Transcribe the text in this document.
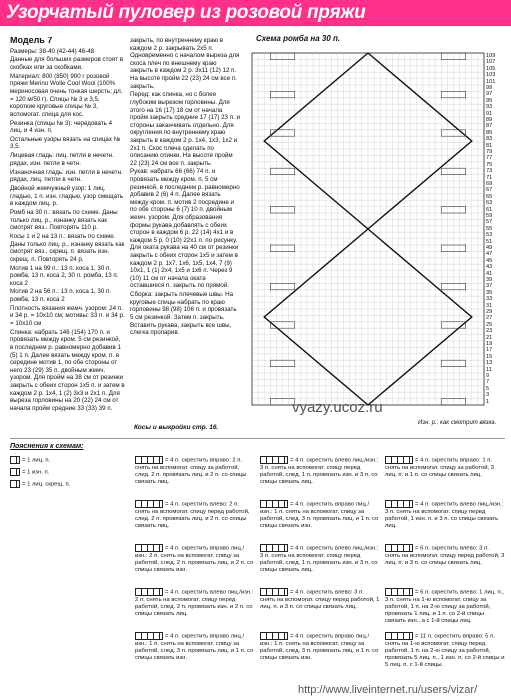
Узорчатый пуловер из розовой пряжи

Модель 7

Размеры: 38-40 (42-44) 46-48

Данные для больших размеров стоят в скобках или за скобками.

Материал: 800 (850) 900 г розовой пряжи Merino Wolle Cool Wool (100% мериносовая очень тонкая шерсть; дл. = 120 м/50 г). Спицы № 3 и 3,5, короткие круговые спицы № 3, вспомогат. спица для кос.

Резинка (спицы № 3): чередовать 4 лиц. и 4 изн. п.

Остальные узоры вязать на спицах № 3,5.

Лицевая гладь: лиц. петли в нечетн. рядах, изн. петли в четн.

Изнаночная гладь: изн. петли в нечетн. рядах, лиц. петли в четн.

Двойной жемчужный узор: 1 лиц. гладью, 1 п. изн. гладью, узор смещать в каждом лиц. р.

Ромб на 30 п.: вязать по схеме. Даны только лиц. р., изнанку вязать как смотрят вяз.. Повторять 110 р.

Косы 1 и 2 на 13 п.: вязать по схеме. Даны только лиц. р., изнанку вязать как смотрят вяз., скрещ. п. вязать изн. скрещ. п. Повторять 24 р.

Мотив 1 на 99 п.: 13 п. коса 1, 30 п. ромба, 13 п. коса 2, 30 п. ромба, 13 п. коса 2

Мотив 2 на 56 п.: 13 п. коса 1, 30 п. ромба, 13 п. коса 2

Плотность вязания жемч. узором: 24 п. и 34 р. = 10х10 см; мотивы: 33 п. и 34 р. = 10х10 см

Спинка: набрать 146 (154) 170 п. и провязать между кром. 5 см резинкой, в последнем р. равномерно добавив 1 (5) 1 п. Далее вязать между кром. п. в середине мотив 1, по обе стороны от него 23 (29) 35 п. двойным жемч. узором. Для пройм на 38 см от резинки закрыть с обеих сторон 1х5 п. и затем в каждом 2 р. 1х4, 1 (2) 3х3 и 2х1 п. Для выреза горловины на 20 (22) 24 см от начала пройм средние 33 (33) 39 п.

закрыть, по внутреннему краю в каждом 2 р. закрывать 2х5 п. Одновременно с началом выреза для скоса плеч по внешнему краю закрыть в каждом 2 р. 3х11 (12) 12 п. На высоте пройм 22 (23) 24 см все п. закрыть.

Перед: как спинка, но с более глубоким вырезом горловины. Для этого на 16 (17) 18 см от начала пройм закрыть средние 17 (17) 23 п. и стороны заканчивать отдельно. Для округления по внутреннему краю закрыть в каждом 2 р. 1х4, 1х3, 1х2 и 2х1 п. Скос плеча сделать по описанию спинки. На высоте пройм 22 (23) 24 см все п. закрыть.

Рукав: набрать 66 (66) 74 п. и провязать между кром. п. 5 см резинкой, в последнем р. равномерно добавив 2 (6) 4 п. Далее вязать между кром. п. мотив 2 посредине и по обе стороны 6 (7) 10 п. двойным жемч. узором. Для образования формы рукава добавлять с обеих сторон в каждом 6 р. 22 (14) 4х1 и в каждом 5 р. 0 (10) 22х1 п. по рисунку. Для оката рукава на 40 см от резинки закрыть с обеих сторон 1х5 и затем в каждом 2 р. 1х7, 1х6, 1х5, 1х4, 7 (9) 10х1, 1 (1) 2х4, 1х5 и 1х6 п. Через 9 (10) 11 см от начала оката оставшиеся п. закрыть по прямой.

Сборка: закрыть плечевые швы. На круговые спицы набрать по краю горловины 98 (98) 106 п. и провязать 5 см резинкой. Затем п. закрыть. Вставить рукава, закрыть все швы, слегка пропарив.

Косы и выкройки стр. 16.
Схема ромба на 30 п.
109
107
105
103
101
99
97
95
93
91
89
87
85
83
81
79
77
75
73
71
69
67
65
63
61
59
57
55
53
51
49
47
45
43
41
39
37
35
33
31
29
27
25
23
21
19
17
15
13
11
9
7
5
3
1
Изн. р.: как смотрит вязка.
vyazy.ucoz.ru
Пояснения к схемам:
= 1 лиц. п.
= 1 изн. п.
= 1 лиц. скрещ. п.
= 4 п. скрестить вправо: 2 п. снять на вспомогат. спицу за работой, след. 2 п. провязать лиц. и 2 п. со спицы связать лиц.
= 4 п. скрестить влево: 2 п. снять на вспомогат. спицу перед работой, след. 2 п. провязать лиц. и 2 п. со спицы связать лиц.
= 4 п. скрестить вправо лиц./изн.: 2 п. снять на вспомогат. спицу за работой, след. 2 п. провязать лиц. и 2 п. со спицы связать изн.
= 4 п. скрестить влево лиц./изн.: 2 п. снять на вспомогат. спицу перед работой, след. 2 п. провязать изн. и 2 п. со спицы связать лиц.
= 4 п. скрестить вправо лиц./изн.: 1 п. снять на вспомогат. спицу за работой, след. 3 п. провязать лиц. и 1 п. со спицы связать изн.
= 4 п. скрестить влево лиц./изн.: 3 п. снять на вспомогат. спицу перед работой, след. 1 п. провязать изн. и 3 п. со спицы связать лиц.
= 4 п. скрестить вправо лиц./изн.: 1 п. снять на вспомогат. спицу за работой, след. 3 п. провязать лиц. и 1 п. со спицы связать изн.
= 4 п. скрестить влево лиц./изн.: 3 п. снять на вспомогат. спицу перед работой, след. 1 п. провязать изн. и 3 п. со спицы связать лиц.
= 4 п. скрестить влево: 3 п. снять на вспомогат. спицу перед работой, 1 лиц. п. и 3 п. со спицы связать лиц.
= 4 п. скрестить вправо лиц./изн.: 1 п. снять на вспомогат. спицу за работой, след. 3 п. провязать лиц. и 1 п. со спицы связать изн.
= 4 п. скрестить вправо: 1 п. снять на вспомогат. спицу за работой, 3 лиц. п. и 1 п. со спицы связать лиц.
= 4 п. скрестить влево лиц./изн.: 3 п. снять на вспомогат. спицу перед работой, 1 изн. п. и 3 п. со спицы связать лиц.
= 6 п. скрестить влево: 3 п. снять на вспомогат. спицу перед работой, 3 лиц. п. и 3 п. со спицы связать лиц.
= 6 п. скрестить влево: 1 лиц. п., 3 п. снять на 1-ю вспомогат. спицу за работой, 1 п. на 2-ю спицу за работой, провязать 1 лиц. и 1 п. со 2-й спицы связать изн., а с 1-й спицы лиц.
= 11 п. скрестить вправо: 5 п. снять на 1-ю вспомогат. спицу перед работой, 1 п. на 2-ю спицу за работой, провязать 5 лиц. п., 1 изн. п. со 2-й спицы и 5 лиц. п. с 1-й спицы.
http://www.liveinternet.ru/users/vizar/
